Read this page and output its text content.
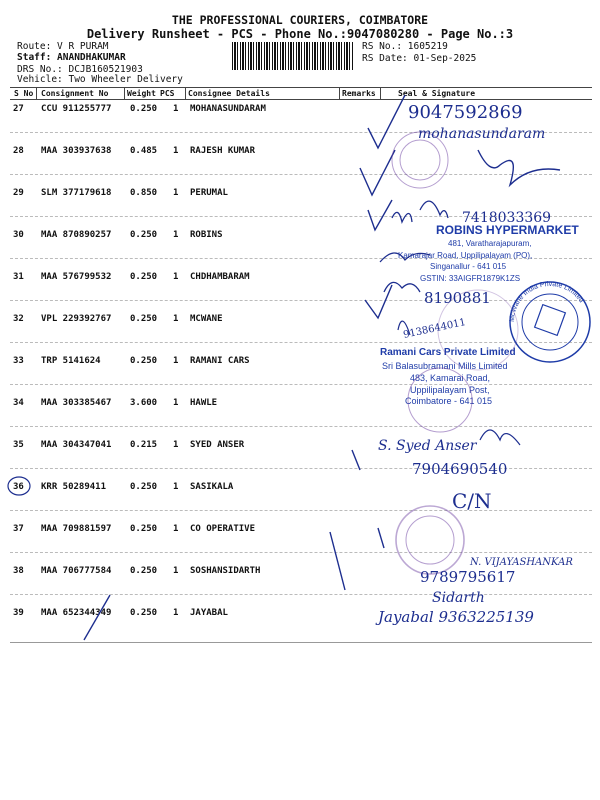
THE PROFESSIONAL COURIERS, COIMBATORE
Delivery Runsheet - PCS - Phone No.:9047080280 - Page No.:3
Route: V R PURAM
Staff: ANANDHAKUMAR
DRS No.: DCJB160521903
Vehicle: Two Wheeler Delivery
RS No.: 1605219
RS Date: 01-Sep-2025
S No Consignment No Weight PCS Consignee Details	Remarks	Seal & Signature
27 CCU 911255777 0.250 1 MOHANASUNDARAM
28 MAA 303937638 0.485 1 RAJESH KUMAR
29 SLM 377179618 0.850 1 PERUMAL
30 MAA 870890257 0.250 1 ROBINS
31 MAA 576799532 0.250 1 CHDHAMBARAM
32 VPL 229392767 0.250 1 MCWANE
33 TRP 5141624	0.250 1 RAMANI CARS
34 MAA 303385467 3.600 1 HAWLE
35 MAA 304347041 0.215 1 SYED ANSER
36 KRR 50289411	0.250 1 SASIKALA
37 MAA 709881597 0.250 1 CO OPERATIVE
38 MAA 706777584 0.250 1 SOSHANSIDARTH
39 MAA 652344349 0.250 1 JAYABAL
ROBINS HYPERMARKET
481, Varatharajapuram,
Kamarajar Road, Uppilipalayam (PO),
Singanallur - 641 015
GSTIN: 33AIGFR1879K1ZS
Ramani Cars Private Limited
Sri Balasubramani Mills Limited
483, Kamarai Road,
Uppilipalayam Post,
Coimbatore - 641 015
McWane India Private Limited
9047592869
mohanasundaram
7418033369
8190881
9138644011
S. Syed Anser
7904690540
C/N
N. VIJAYASHANKAR
9789795617
Sidarth
Jayabal 9363225139
